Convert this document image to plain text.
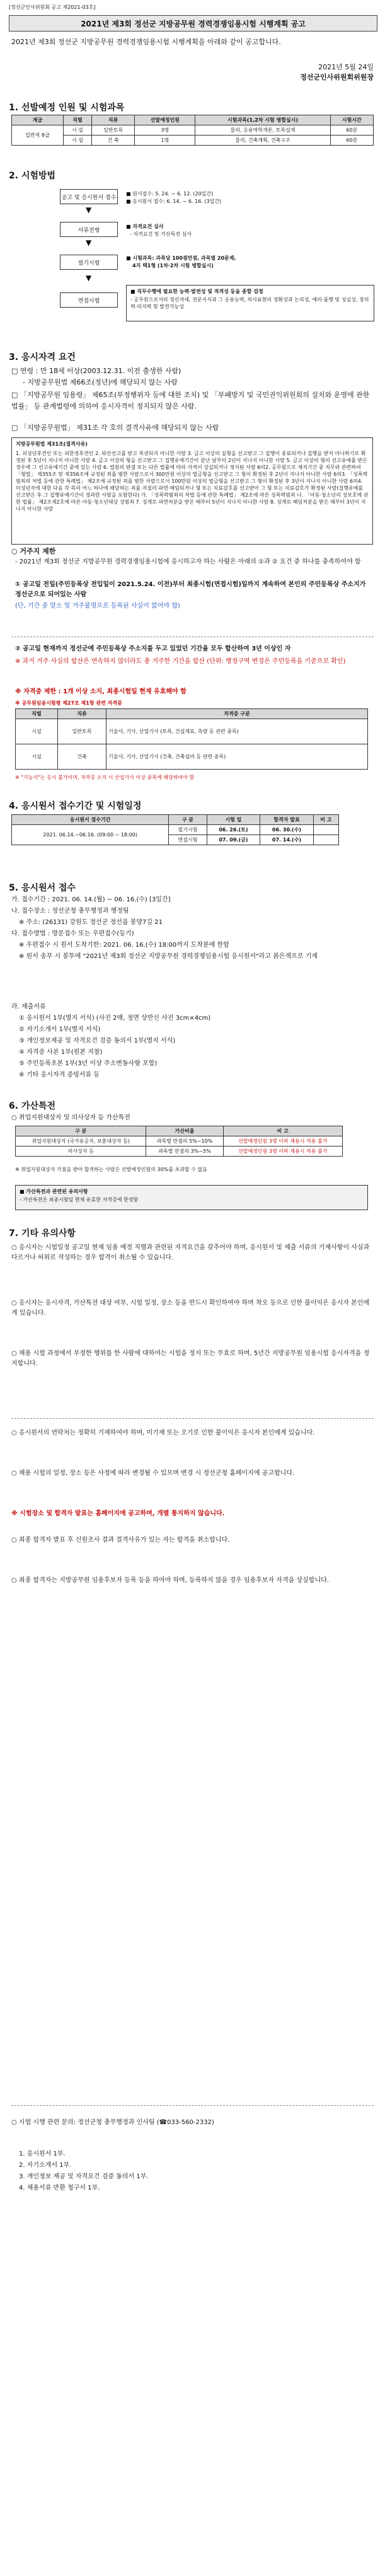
[정선군인사위원회 공고 제2021-03호]
2021년 제3회 정선군 지방공무원 경력경쟁임용시험 시행계획 공고
2021년 제3회 정선군 지방공무원 경력경쟁임용시험 시행계획을 아래와 같이 공고합니다.
2021년 5월 24일
정선군인사위원회위원장
1. 선발예정 인원 및 시험과목
계급	직렬	직류	선발예정인원	시험과목(1,2차 시험 병합실시)	시험시간
일반직 8급	시 설	일반토목	3명	물리, 응용역학개론, 토목설계	60분
	시 설	건 축	1명	물리, 건축계획, 건축구조	60분
2. 시험방법
공고 및 응시원서 접수
서류전형
필기시험
면접시험
▼
▼
▼
■ 원서접수: 5. 24. ~ 6. 12. (20일간)
■ 응시원서 접수: 6. 14. ~ 6. 16. (3일간)
■ 자격요건 심사
- 자격요건 및 가산특전 심사
■ 시험과목: 과목당 100점만점, 과목별 20문제,
4지 택1형 (1차·2차 시험 병합실시)
■ 직무수행에 필요한 능력·발전성 및 적격성 등을 종합 검정
- 공무원으로서의 정신자세, 전문지식과 그 응용능력, 의사표현의 정확성과 논리성, 예의·품행 및 성실성, 창의력·의지력 및 발전가능성
3. 응시자격 요건
□ 연령 : 만 18세 이상(2003.12.31. 이전 출생한 사람)
- 지방공무원법 제66조(정년)에 해당되지 않는 사람
□ 「지방공무원 임용령」 제65조(부정행위자 등에 대한 조치) 및 「부패방지 및 국민권익위원회의 설치와 운영에 관한 법률」 등 관계법령에 의하여 응시자격이 정지되지 않은 사람.
□ 「지방공무원법」 제31조 각 호의 결격사유에 해당되지 않는 사람
지방공무원법 제31조(결격사유)
1. 피성년후견인 또는 피한정후견인 2. 파산선고를 받고 복권되지 아니한 사람 3. 금고 이상의 실형을 선고받고 그 집행이 종료되거나 집행을 받지 아니하기로 확정된 후 5년이 지나지 아니한 사람 4. 금고 이상의 형을 선고받고 그 집행유예기간이 끝난 날부터 2년이 지나지 아니한 사람 5. 금고 이상의 형의 선고유예를 받은 경우에 그 선고유예기간 중에 있는 사람 6. 법원의 판결 또는 다른 법률에 따라 자격이 상실되거나 정지된 사람 6의2. 공무원으로 재직기간 중 직무와 관련하여 「형법」 제355조 및 제356조에 규정된 죄를 범한 사람으로서 300만원 이상의 벌금형을 선고받고 그 형이 확정된 후 2년이 지나지 아니한 사람 6의3. 「성폭력범죄의 처벌 등에 관한 특례법」 제2조에 규정된 죄를 범한 사람으로서 100만원 이상의 벌금형을 선고받고 그 형이 확정된 후 3년이 지나지 아니한 사람 6의4. 미성년자에 대한 다음 각 목의 어느 하나에 해당하는 죄를 저질러 파면·해임되거나 형 또는 치료감호를 선고받아 그 형 또는 치료감호가 확정된 사람(집행유예를 선고받은 후 그 집행유예기간이 경과한 사람을 포함한다) 가. 「성폭력범죄의 처벌 등에 관한 특례법」 제2조에 따른 성폭력범죄 나. 「아동·청소년의 성보호에 관한 법률」 제2조제2호에 따른 아동·청소년대상 성범죄 7. 징계로 파면처분을 받은 때부터 5년이 지나지 아니한 사람 8. 징계로 해임처분을 받은 때부터 3년이 지나지 아니한 사람
○ 거주지 제한
- 2021년 제3회 정선군 지방공무원 경력경쟁임용시험에 응시하고자 하는 사람은 아래의 ①과 ② 요건 중 하나를 충족하여야 함
① 공고일 전일(주민등록상 전입일이 2021.5.24. 이전)부터 최종시험(면접시험)일까지 계속하여 본인의 주민등록상 주소지가 정선군으로 되어있는 사람
(단, 기간 중 말소 및 거주불명으로 등록된 사실이 없어야 함)
② 공고일 현재까지 정선군에 주민등록상 주소지를 두고 있었던 기간을 모두 합산하여 3년 이상인 자
※ 과거 거주 사실의 합산은 연속하지 않더라도 총 거주한 기간을 합산 (단위: 행정구역 변경은 주민등록을 기준으로 확인)
※ 자격증 제한 : 1개 이상 소지, 최종시험일 현재 유효해야 함
※ 공무원임용시험령 제27조 제1항 관련 자격증
직렬	직류	자격증 구분
시설	일반토목	기술사, 기사, 산업기사 (토목, 건설재료, 측량 등 관련 종목)
시설	건축	기술사, 기사, 산업기사 (건축, 건축설비 등 관련 종목)
※ "기능사"는 응시 불가이며, 자격증 소지 시 산업기사 이상 종목에 해당하여야 함
4. 응시원서 접수기간 및 시험일정
응시원서 접수기간	구 분	시험 일	합격자 발표	비 고
2021. 06.14.~06.16. (09:00 ~ 18:00)	필기시험	06. 26.(토)	06. 30.(수)	
	면접시험	07. 09.(금)	07. 14.(수)	
5. 응시원서 접수
가. 접수기간 : 2021. 06. 14.(월) ~ 06. 16.(수) [3일간]
나. 접수장소 : 정선군청 총무행정과 행정팀
※ 주소: (26131) 강원도 정선군 정선읍 봉양7길 21
다. 접수방법 : 방문접수 또는 우편접수(등기)
※ 우편접수 시 원서 도착기한: 2021. 06. 16.(수) 18:00까지 도착분에 한함
※ 원서 송부 시 봉투에 "2021년 제3회 정선군 지방공무원 경력경쟁임용시험 응시원서"라고 붉은색으로 기재
라. 제출서류
① 응시원서 1부(별지 서식) (사진 2매, 정면 상반신 사진 3cm×4cm)
② 자기소개서 1부(별지 서식)
③ 개인정보제공 및 자격요건 검증 동의서 1부(별지 서식)
④ 자격증 사본 1부(원본 지참)
⑤ 주민등록초본 1부(3년 이상 주소변동사항 포함)
⑥ 기타 응시자격 증빙서류 등
6. 가산특전
○ 취업지원대상자 및 의사상자 등 가산특전
구 분	가산비율	비 고
취업지원대상자 (국가유공자, 보훈대상자 등)	과목별 만점의 5%~10%	선발예정인원 3명 이하 채용시 적용 불가
의사상자 등	과목별 만점의 3%~5%	선발예정인원 3명 이하 채용시 적용 불가
※ 취업지원대상자 가점을 받아 합격하는 사람은 선발예정인원의 30%를 초과할 수 없음
■ 가산특전과 관련된 유의사항
- 가산특전은 최종시험일 현재 유효한 자격증에 한정함
7. 기타 유의사항
○ 응시자는 시험일정 공고일 현재 임용 예정 직렬과 관련된 자격요건을 갖추어야 하며, 응시원서 및 제출 서류의 기재사항이 사실과 다르거나 허위로 작성하는 경우 합격이 취소될 수 있습니다.
○ 응시자는 응시자격, 가산특전 대상 여부, 시험 일정, 장소 등을 반드시 확인하여야 하며 착오 등으로 인한 불이익은 응시자 본인에게 있습니다.
○ 채용 시험 과정에서 부정한 행위를 한 사람에 대하여는 시험을 정지 또는 무효로 하며, 5년간 지방공무원 임용시험 응시자격을 정지합니다.
○ 응시원서의 연락처는 정확히 기재하여야 하며, 미기재 또는 오기로 인한 불이익은 응시자 본인에게 있습니다.
○ 채용 시험의 일정, 장소 등은 사정에 따라 변경될 수 있으며 변경 시 정선군청 홈페이지에 공고합니다.
※ 시험장소 및 합격자 발표는 홈페이지에 공고하며, 개별 통지하지 않습니다.
○ 최종 합격자 발표 후 신원조사 결과 결격사유가 있는 자는 합격을 취소합니다.
○ 최종 합격자는 지방공무원 임용후보자 등록 등을 하여야 하며, 등록하지 않을 경우 임용후보자 자격을 상실합니다.
○ 시험 시행 관련 문의: 정선군청 총무행정과 인사팀 (☎033-560-2332)
1. 응시원서 1부.
2. 자기소개서 1부.
3. 개인정보 제공 및 자격요건 검증 동의서 1부.
4. 채용서류 반환 청구서 1부.
